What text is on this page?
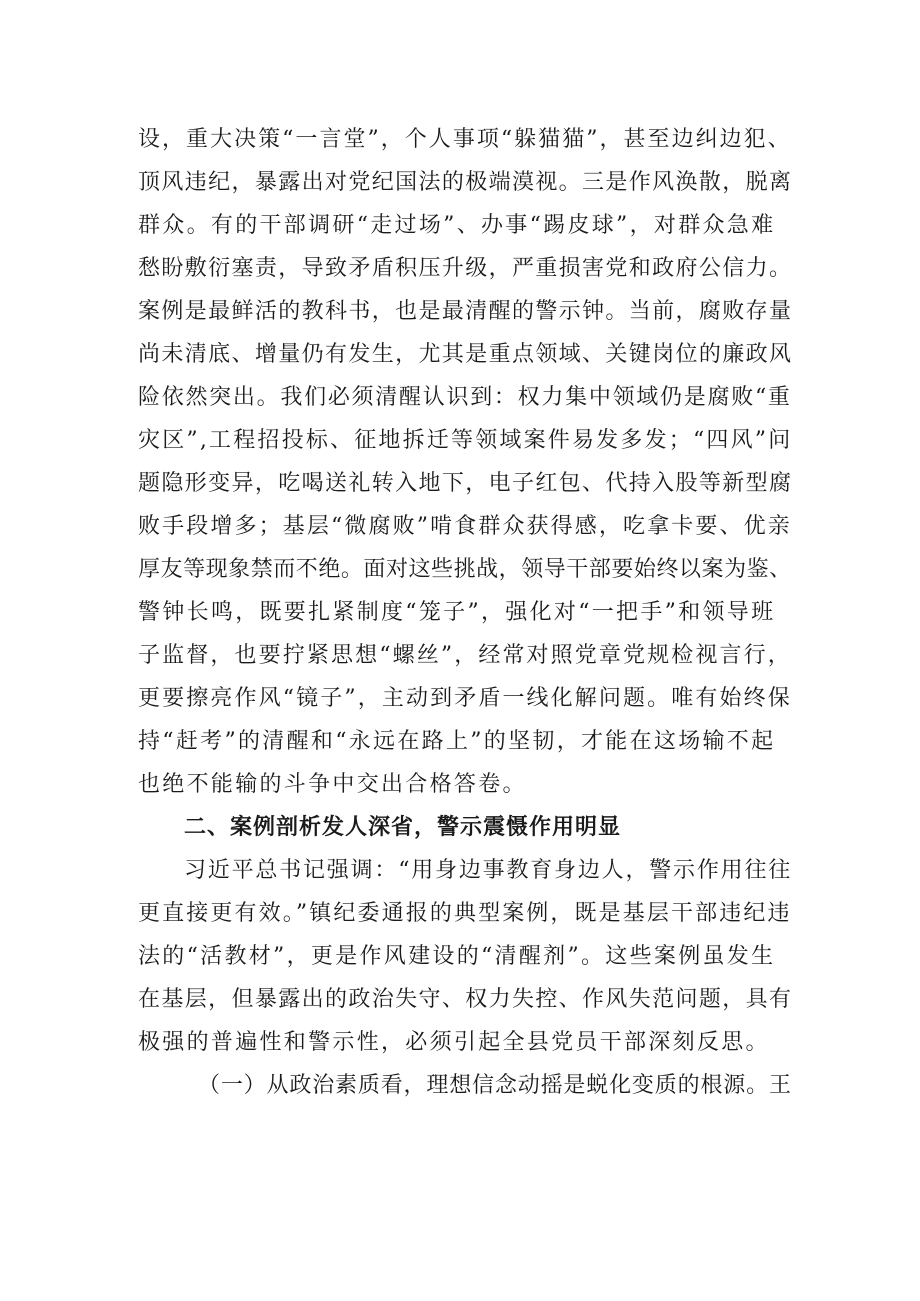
设，重大决策“一言堂”，个人事项“躲猫猫”，甚至边纠边犯、
顶风违纪，暴露出对党纪国法的极端漠视。三是作风涣散，脱离
群众。有的干部调研“走过场”、办事“踢皮球”，对群众急难
愁盼敷衍塞责，导致矛盾积压升级，严重损害党和政府公信力。
案例是最鲜活的教科书，也是最清醒的警示钟。当前，腐败存量
尚未清底、增量仍有发生，尤其是重点领域、关键岗位的廉政风
险依然突出。我们必须清醒认识到：权力集中领域仍是腐败“重
灾区”,工程招投标、征地拆迁等领域案件易发多发；“四风”问
题隐形变异，吃喝送礼转入地下，电子红包、代持入股等新型腐
败手段增多；基层“微腐败”啃食群众获得感，吃拿卡要、优亲
厚友等现象禁而不绝。面对这些挑战，领导干部要始终以案为鉴、
警钟长鸣，既要扎紧制度“笼子”，强化对“一把手”和领导班
子监督，也要拧紧思想“螺丝”，经常对照党章党规检视言行，
更要擦亮作风“镜子”，主动到矛盾一线化解问题。唯有始终保
持“赶考”的清醒和“永远在路上”的坚韧，才能在这场输不起
也绝不能输的斗争中交出合格答卷。
二、案例剖析发人深省，警示震慑作用明显
习近平总书记强调：“用身边事教育身边人，警示作用往往
更直接更有效。”镇纪委通报的典型案例，既是基层干部违纪违
法的“活教材”，更是作风建设的“清醒剂”。这些案例虽发生
在基层，但暴露出的政治失守、权力失控、作风失范问题，具有
极强的普遍性和警示性，必须引起全县党员干部深刻反思。
（一）从政治素质看，理想信念动摇是蜕化变质的根源。王
